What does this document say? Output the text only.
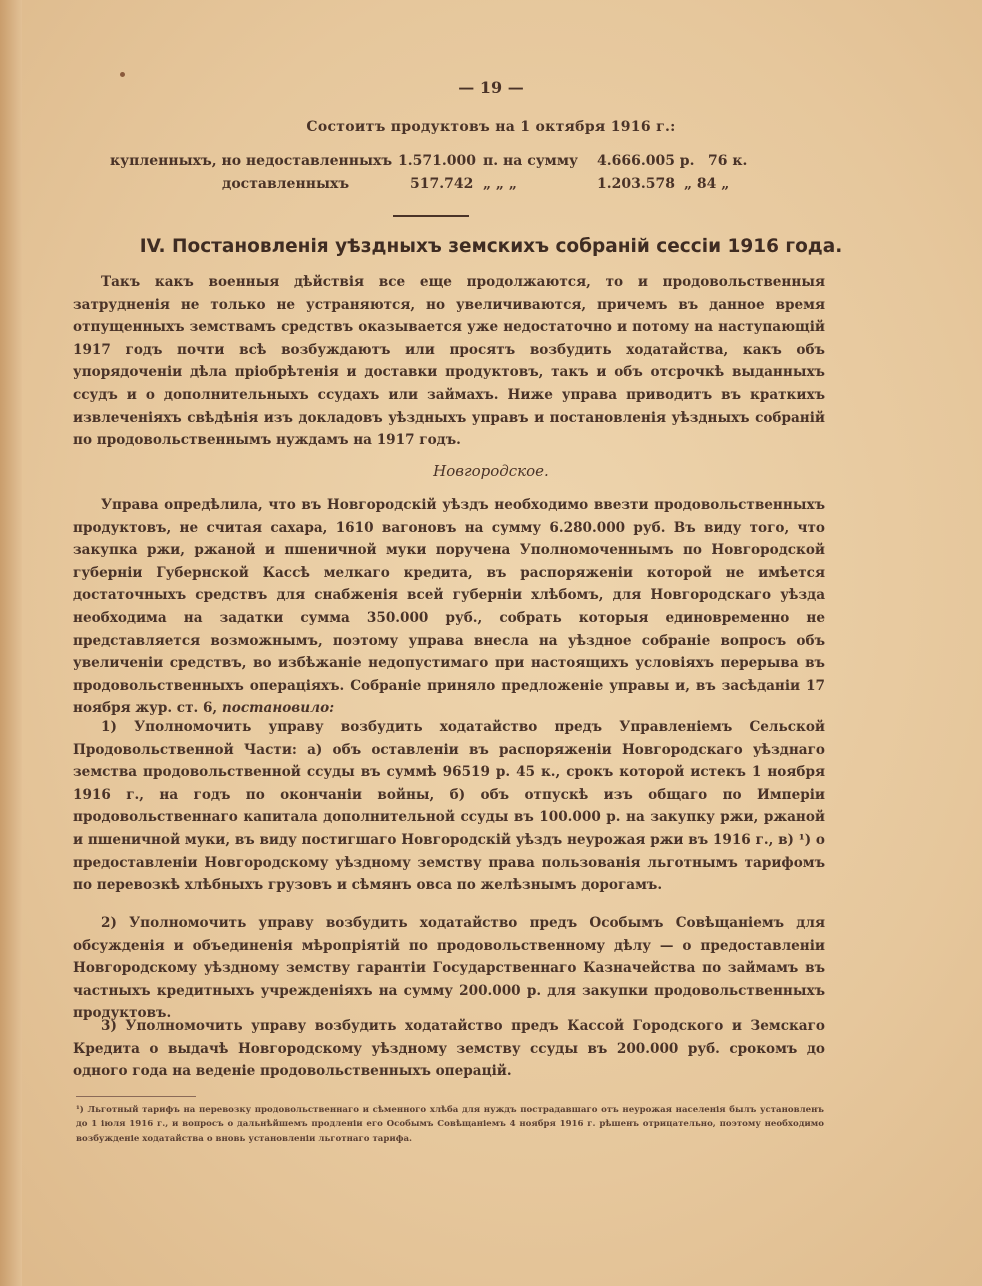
— 19 —
Состоитъ продуктовъ на 1 октября 1916 г.:
купленныхъ, но недоставленныхъ 1.571.000 п. на сумму 4.666.005 р. 76 к.
доставленныхъ	517.742 „ „ „	1.203.578 „ 84 „
IV. Постановленія уѣздныхъ земскихъ собраній сессіи 1916 года.
Такъ какъ военныя дѣйствія все еще продолжаются, то и продовольственныя затрудненія не только не устраняются, но увеличиваются, причемъ въ данное время отпущенныхъ земствамъ средствъ оказывается уже недостаточно и потому на наступающій 1917 годъ почти всѣ возбуждаютъ или просятъ возбудить ходатайства, какъ объ упорядоченіи дѣла пріобрѣтенія и доставки продуктовъ, такъ и объ отсрочкѣ выданныхъ ссудъ и о дополнительныхъ ссудахъ или займахъ. Ниже управа приводитъ въ краткихъ извлеченіяхъ свѣдѣнія изъ докладовъ уѣздныхъ управъ и постановленія уѣздныхъ собраній по продовольственнымъ нуждамъ на 1917 годъ.
Новгородское.
Управа опредѣлила, что въ Новгородскій уѣздъ необходимо ввезти продовольственныхъ продуктовъ, не считая сахара, 1610 вагоновъ на сумму 6.280.000 руб. Въ виду того, что закупка ржи, ржаной и пшеничной муки поручена Уполномоченнымъ по Новгородской губерніи Губернской Кассѣ мелкаго кредита, въ распоряженіи которой не имѣется достаточныхъ средствъ для снабженія всей губерніи хлѣбомъ, для Новгородскаго уѣзда необходима на задатки сумма 350.000 руб., собрать которыя единовременно не представляется возможнымъ, поэтому управа внесла на уѣздное собраніе вопросъ объ увеличеніи средствъ, во избѣжаніе недопустимаго при настоящихъ условіяхъ перерыва въ продовольственныхъ операціяхъ. Собраніе приняло предложеніе управы и, въ засѣданіи 17 ноября жур. ст. 6, постановило:
1) Уполномочить управу возбудить ходатайство предъ Управленіемъ Сельской Продовольственной Части: а) объ оставленіи въ распоряженіи Новгородскаго уѣзднаго земства продовольственной ссуды въ суммѣ 96519 р. 45 к., срокъ которой истекъ 1 ноября 1916 г., на годъ по окончаніи войны, б) объ отпускѣ изъ общаго по Имперіи продовольственнаго капитала дополнительной ссуды въ 100.000 р. на закупку ржи, ржаной и пшеничной муки, въ виду постигшаго Новгородскій уѣздъ неурожая ржи въ 1916 г., в) ¹) о предоставленіи Новгородскому уѣздному земству права пользованія льготнымъ тарифомъ по перевозкѣ хлѣбныхъ грузовъ и сѣмянъ овса по желѣзнымъ дорогамъ.
2) Уполномочить управу возбудить ходатайство предъ Особымъ Совѣщаніемъ для обсужденія и объединенія мѣропріятій по продовольственному дѣлу — о предоставленіи Новгородскому уѣздному земству гарантіи Государственнаго Казначейства по займамъ въ частныхъ кредитныхъ учрежденіяхъ на сумму 200.000 р. для закупки продовольственныхъ продуктовъ.
3) Уполномочить управу возбудить ходатайство предъ Кассой Городского и Земскаго Кредита о выдачѣ Новгородскому уѣздному земству ссуды въ 200.000 руб. срокомъ до одного года на веденіе продовольственныхъ операцій.
¹) Льготный тарифъ на перевозку продовольственнаго и сѣменного хлѣба для нуждъ пострадавшаго отъ неурожая населенія былъ установленъ до 1 іюля 1916 г., и вопросъ о дальнѣйшемъ продленіи его Особымъ Совѣщаніемъ 4 ноября 1916 г. рѣшенъ отрицательно, поэтому необходимо возбужденіе ходатайства о вновь установленіи льготнаго тарифа.
